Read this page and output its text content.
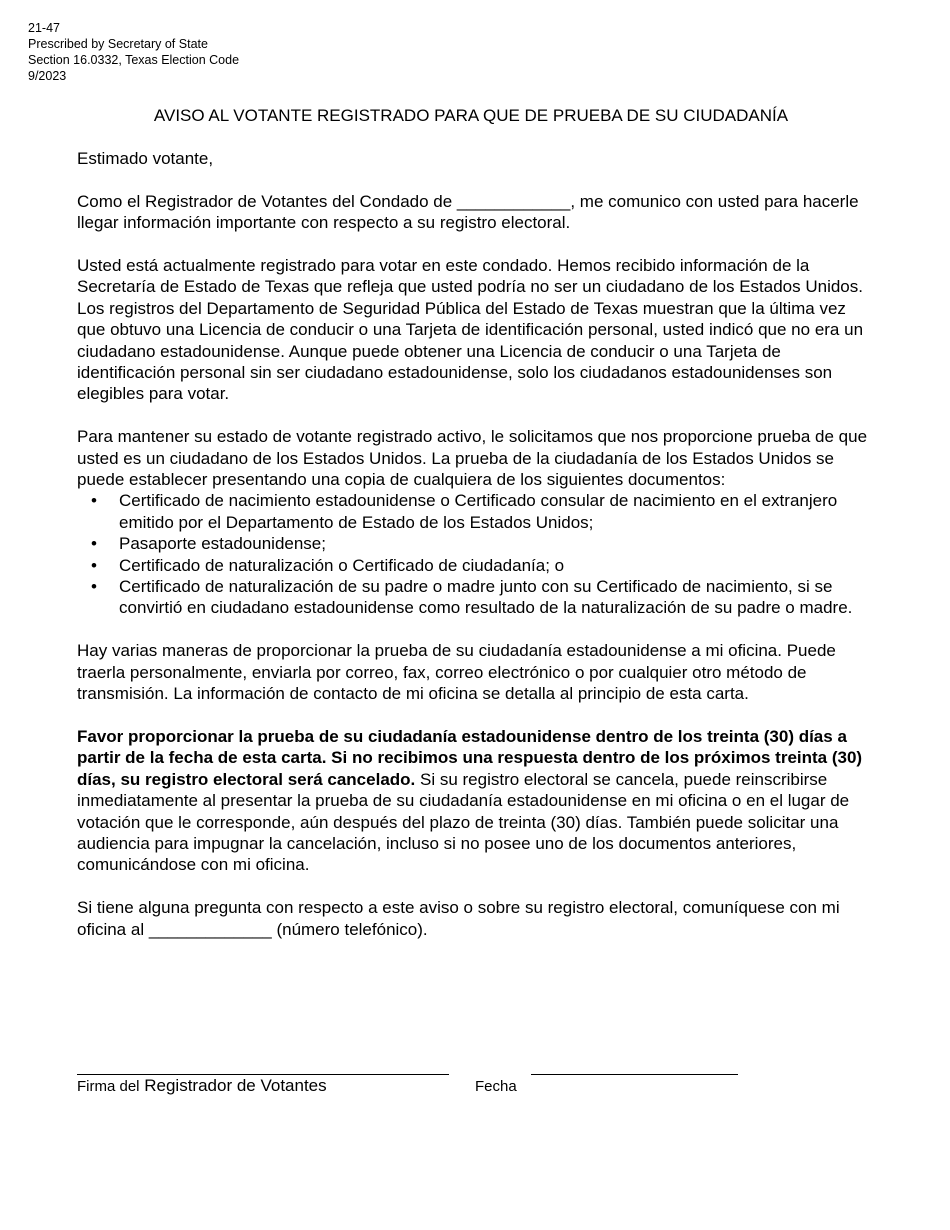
21-47
Prescribed by Secretary of State
Section 16.0332, Texas Election Code
9/2023
AVISO AL VOTANTE REGISTRADO PARA QUE DE PRUEBA DE SU CIUDADANÍA

Estimado votante,

Como el Registrador de Votantes del Condado de ____________, me comunico con usted para hacerle llegar información importante con respecto a su registro electoral.

Usted está actualmente registrado para votar en este condado. Hemos recibido información de la Secretaría de Estado de Texas que refleja que usted podría no ser un ciudadano de los Estados Unidos. Los registros del Departamento de Seguridad Pública del Estado de Texas muestran que la última vez que obtuvo una Licencia de conducir o una Tarjeta de identificación personal, usted indicó que no era un ciudadano estadounidense. Aunque puede obtener una Licencia de conducir o una Tarjeta de identificación personal sin ser ciudadano estadounidense, solo los ciudadanos estadounidenses son elegibles para votar.

Para mantener su estado de votante registrado activo, le solicitamos que nos proporcione prueba de que usted es un ciudadano de los Estados Unidos. La prueba de la ciudadanía de los Estados Unidos se puede establecer presentando una copia de cualquiera de los siguientes documentos:

• Certificado de nacimiento estadounidense o Certificado consular de nacimiento en el extranjero emitido por el Departamento de Estado de los Estados Unidos;
• Pasaporte estadounidense;
• Certificado de naturalización o Certificado de ciudadanía; o
• Certificado de naturalización de su padre o madre junto con su Certificado de nacimiento, si se convirtió en ciudadano estadounidense como resultado de la naturalización de su padre o madre.

Hay varias maneras de proporcionar la prueba de su ciudadanía estadounidense a mi oficina. Puede traerla personalmente, enviarla por correo, fax, correo electrónico o por cualquier otro método de transmisión. La información de contacto de mi oficina se detalla al principio de esta carta.

Favor proporcionar la prueba de su ciudadanía estadounidense dentro de los treinta (30) días a partir de la fecha de esta carta. Si no recibimos una respuesta dentro de los próximos treinta (30) días, su registro electoral será cancelado. Si su registro electoral se cancela, puede reinscribirse inmediatamente al presentar la prueba de su ciudadanía estadounidense en mi oficina o en el lugar de votación que le corresponde, aún después del plazo de treinta (30) días. También puede solicitar una audiencia para impugnar la cancelación, incluso si no posee uno de los documentos anteriores, comunicándose con mi oficina.

Si tiene alguna pregunta con respecto a este aviso o sobre su registro electoral, comuníquese con mi oficina al _____________ (número telefónico).

Firma del Registrador de Votantes	Fecha
